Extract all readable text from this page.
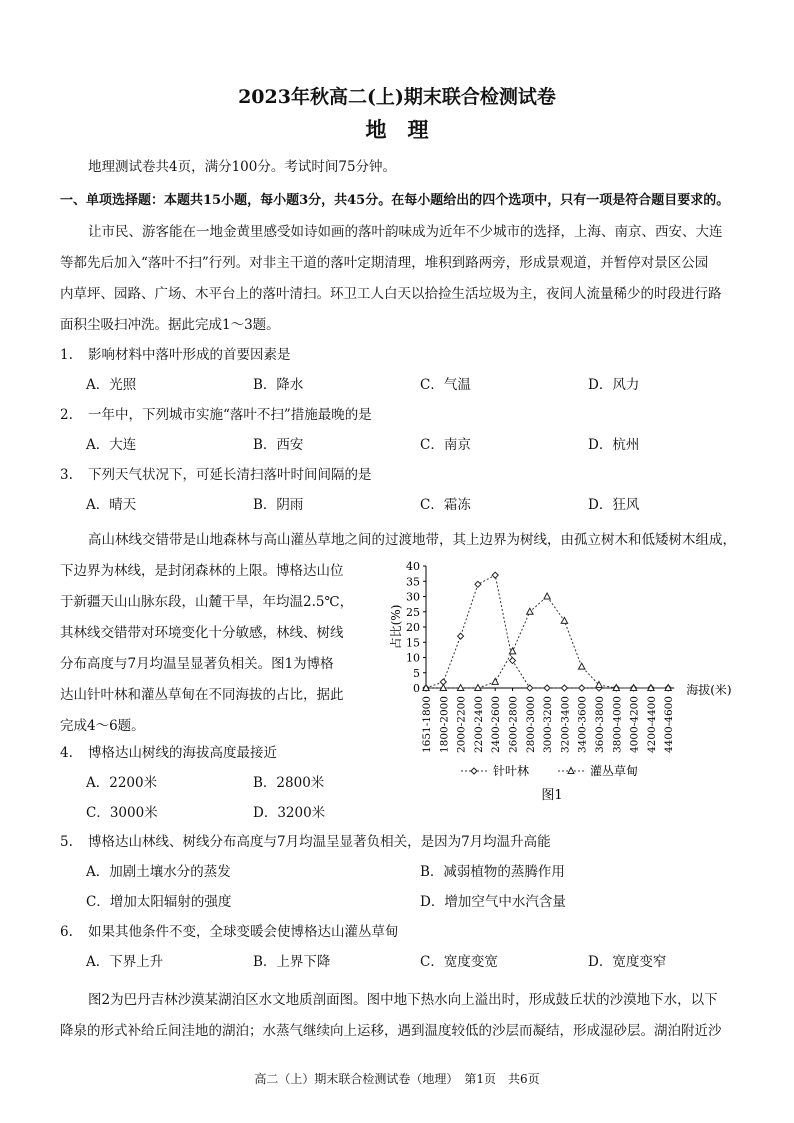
2023年秋高二(上)期末联合检测试卷
地　理
地理测试卷共4页，满分100分。考试时间75分钟。
一、单项选择题：本题共15小题，每小题3分，共45分。在每小题给出的四个选项中，只有一项是符合题目要求的。
让市民、游客能在一地金黄里感受如诗如画的落叶韵味成为近年不少城市的选择，上海、南京、西安、大连
等都先后加入“落叶不扫”行列。对非主干道的落叶定期清理，堆积到路两旁，形成景观道，并暂停对景区公园
内草坪、园路、广场、木平台上的落叶清扫。环卫工人白天以拾捡生活垃圾为主，夜间人流量稀少的时段进行路
面积尘吸扫冲洗。据此完成1～3题。
1. 影响材料中落叶形成的首要因素是
A．光照	B．降水	C．气温	D．风力
2. 一年中，下列城市实施“落叶不扫”措施最晚的是
A．大连	B．西安	C．南京	D．杭州
3. 下列天气状况下，可延长清扫落叶时间间隔的是
A．晴天	B．阴雨	C．霜冻	D．狂风
高山林线交错带是山地森林与高山灌丛草地之间的过渡地带，其上边界为树线，由孤立树木和低矮树木组成，
下边界为林线，是封闭森林的上限。博格达山位
于新疆天山山脉东段，山麓干旱，年均温2.5℃，
其林线交错带对环境变化十分敏感，林线、树线
分布高度与7月均温呈显著负相关。图1为博格
达山针叶林和灌丛草甸在不同海拔的占比，据此
完成4～6题。
0
5
10
15
20
25
30
35
40
占比(%)
海拔(米)
1651-1800 1800-2000 2000-2200 2200-2400 2400-2600 2600-2800 2800-3000 3000-3200 3200-3400 3400-3600 3600-3800 3800-4000 4000-4200 4200-4400 4400-4600
针叶林	灌丛草甸
图1
4. 博格达山树线的海拔高度最接近
A．2200米	B．2800米
C．3000米	D．3200米
5. 博格达山林线、树线分布高度与7月均温呈显著负相关，是因为7月均温升高能
A．加剧土壤水分的蒸发	B．减弱植物的蒸腾作用
C．增加太阳辐射的强度	D．增加空气中水汽含量
6. 如果其他条件不变，全球变暖会使博格达山灌丛草甸
A．下界上升	B．上界下降	C．宽度变宽	D．宽度变窄
图2为巴丹吉林沙漠某湖泊区水文地质剖面图。图中地下热水向上溢出时，形成鼓丘状的沙漠地下水，以下
降泉的形式补给丘间洼地的湖泊；水蒸气继续向上运移，遇到温度较低的沙层而凝结，形成湿砂层。湖泊附近沙
高二（上）期末联合检测试卷（地理）　第1页　共6页
